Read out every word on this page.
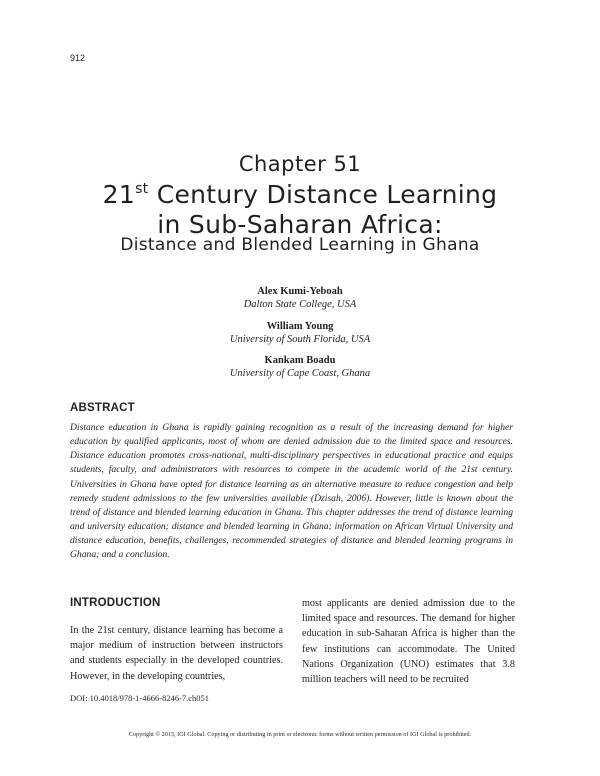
912
Chapter 51
21st Century Distance Learning
in Sub-Saharan Africa:
Distance and Blended Learning in Ghana
Alex Kumi-Yeboah
Dalton State College, USA
William Young
University of South Florida, USA
Kankam Boadu
University of Cape Coast, Ghana
ABSTRACT

Distance education in Ghana is rapidly gaining recognition as a result of the increasing demand for higher education by qualified applicants, most of whom are denied admission due to the limited space and resources. Distance education promotes cross-national, multi-disciplinary perspectives in educational practice and equips students, faculty, and administrators with resources to compete in the academic world of the 21st century. Universities in Ghana have opted for distance learning as an alternative measure to reduce congestion and help remedy student admissions to the few universities available (Dzisah, 2006). However, little is known about the trend of distance and blended learning education in Ghana. This chapter addresses the trend of distance learning and university education; distance and blended learning in Ghana; information on African Virtual University and distance education, benefits, challenges, recommended strategies of distance and blended learning programs in Ghana; and a conclusion.

INTRODUCTION

In the 21st century, distance learning has become a major medium of instruction between instructors and students especially in the developed countries. However, in the developing countries,

most applicants are denied admission due to the limited space and resources. The demand for higher education in sub-Saharan Africa is higher than the few institutions can accommodate. The United Nations Organization (UNO) estimates that 3.8 million teachers will need to be recruited

DOI: 10.4018/978-1-4666-8246-7.ch051
Copyright © 2015, IGI Global. Copying or distributing in print or electronic forms without written permission of IGI Global is prohibited.
